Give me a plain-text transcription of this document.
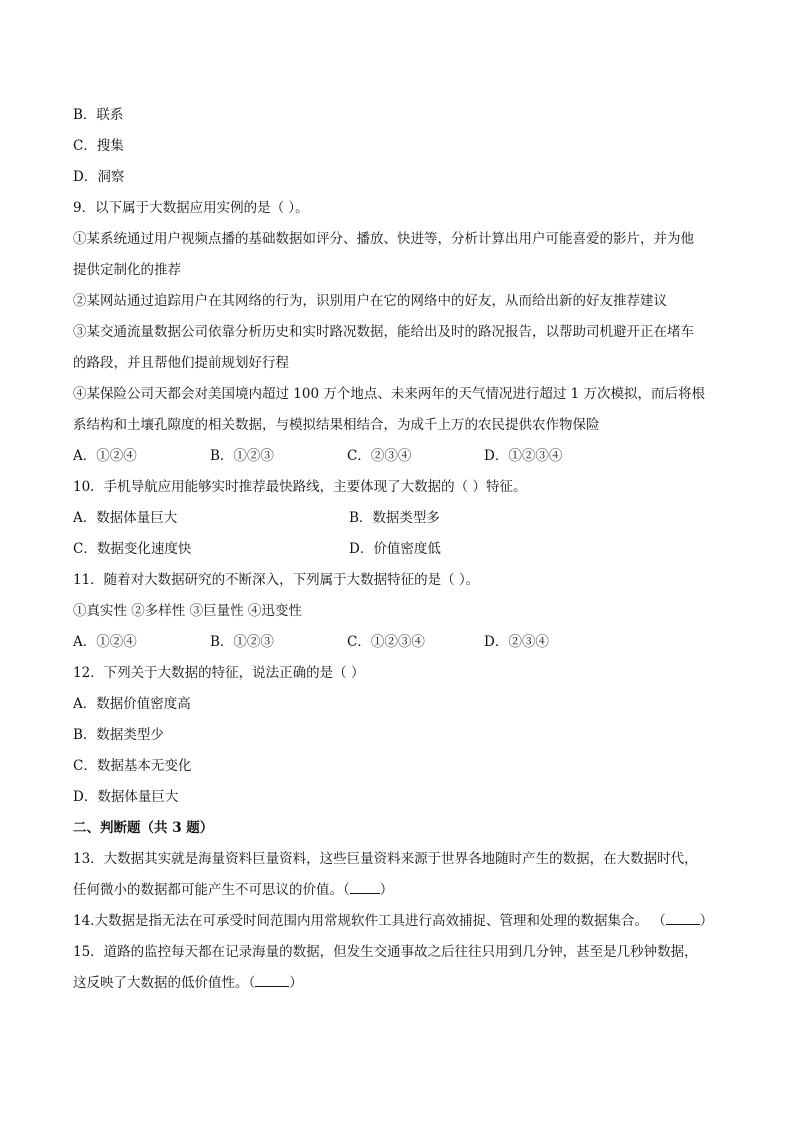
B．联系
C．搜集
D．洞察
9．以下属于大数据应用实例的是（ ）。
①某系统通过用户视频点播的基础数据如评分、播放、快进等，分析计算出用户可能喜爱的影片，并为他
提供定制化的推荐
②某网站通过追踪用户在其网络的行为，识别用户在它的网络中的好友，从而给出新的好友推荐建议
③某交通流量数据公司依靠分析历史和实时路况数据，能给出及时的路况报告，以帮助司机避开正在堵车
的路段，并且帮他们提前规划好行程
④某保险公司天都会对美国境内超过 100 万个地点、未来两年的天气情况进行超过 1 万次模拟，而后将根
系结构和土壤孔隙度的相关数据，与模拟结果相结合，为成千上万的农民提供农作物保险
A．①②④	B．①②③	C．②③④	D．①②③④
10．手机导航应用能够实时推荐最快路线，主要体现了大数据的（ ）特征。
A．数据体量巨大	B．数据类型多
C．数据变化速度快	D．价值密度低
11．随着对大数据研究的不断深入，下列属于大数据特征的是（ ）。
①真实性 ②多样性 ③巨量性 ④迅变性
A．①②④	B．①②③	C．①②③④	D．②③④
12．下列关于大数据的特征，说法正确的是（ ）
A．数据价值密度高
B．数据类型少
C．数据基本无变化
D．数据体量巨大
二、判断题（共 3 题）
13．大数据其实就是海量资料巨量资料，这些巨量资料来源于世界各地随时产生的数据，在大数据时代，
任何微小的数据都可能产生不可思议的价值。（ ）
14.大数据是指无法在可承受时间范围内用常规软件工具进行高效捕捉、管理和处理的数据集合。 （	）
15．道路的监控每天都在记录海量的数据，但发生交通事故之后往往只用到几分钟，甚至是几秒钟数据，
这反映了大数据的低价值性。（	）
